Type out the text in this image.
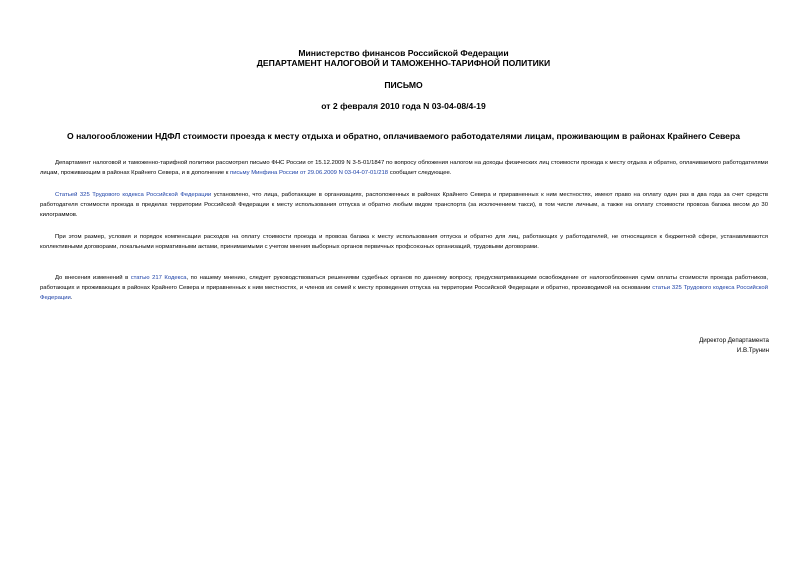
Министерство финансов Российской Федерации
ДЕПАРТАМЕНТ НАЛОГОВОЙ И ТАМОЖЕННО-ТАРИФНОЙ ПОЛИТИКИ
ПИСЬМО
от 2 февраля 2010 года N 03-04-08/4-19
О налогообложении НДФЛ стоимости проезда к месту отдыха и обратно, оплачиваемого работодателями лицам, проживающим в районах Крайнего Севера
Департамент налоговой и таможенно-тарифной политики рассмотрел письмо ФНС России от 15.12.2009 N 3-5-01/1847 по вопросу обложения налогом на доходы физических лиц стоимости проезда к месту отдыха и обратно, оплачиваемого работодателями лицам, проживающим в районах Крайнего Севера, и в дополнение к письму Минфина России от 29.06.2009 N 03-04-07-01/218 сообщает следующее.
Статьей 325 Трудового кодекса Российской Федерации установлено, что лица, работающие в организациях, расположенных в районах Крайнего Севера и приравненных к ним местностях, имеют право на оплату один раз в два года за счет средств работодателя стоимости проезда в пределах территории Российской Федерации к месту использования отпуска и обратно любым видом транспорта (за исключением такси), в том числе личным, а также на оплату стоимости провоза багажа весом до 30 килограммов.
При этом размер, условия и порядок компенсации расходов на оплату стоимости проезда и провоза багажа к месту использования отпуска и обратно для лиц, работающих у работодателей, не относящихся к бюджетной сфере, устанавливаются коллективными договорами, локальными нормативными актами, принимаемыми с учетом мнения выборных органов первичных профсоюзных организаций, трудовыми договорами.
До внесения изменений в статью 217 Кодекса, по нашему мнению, следует руководствоваться решениями судебных органов по данному вопросу, предусматривающими освобождение от налогообложения сумм оплаты стоимости проезда работников, работающих и проживающих в районах Крайнего Севера и приравненных к ним местностях, и членов их семей к месту проведения отпуска на территории Российской Федерации и обратно, производимой на основании статьи 325 Трудового кодекса Российской Федерации.
Директор Департамента
И.В.Трунин
